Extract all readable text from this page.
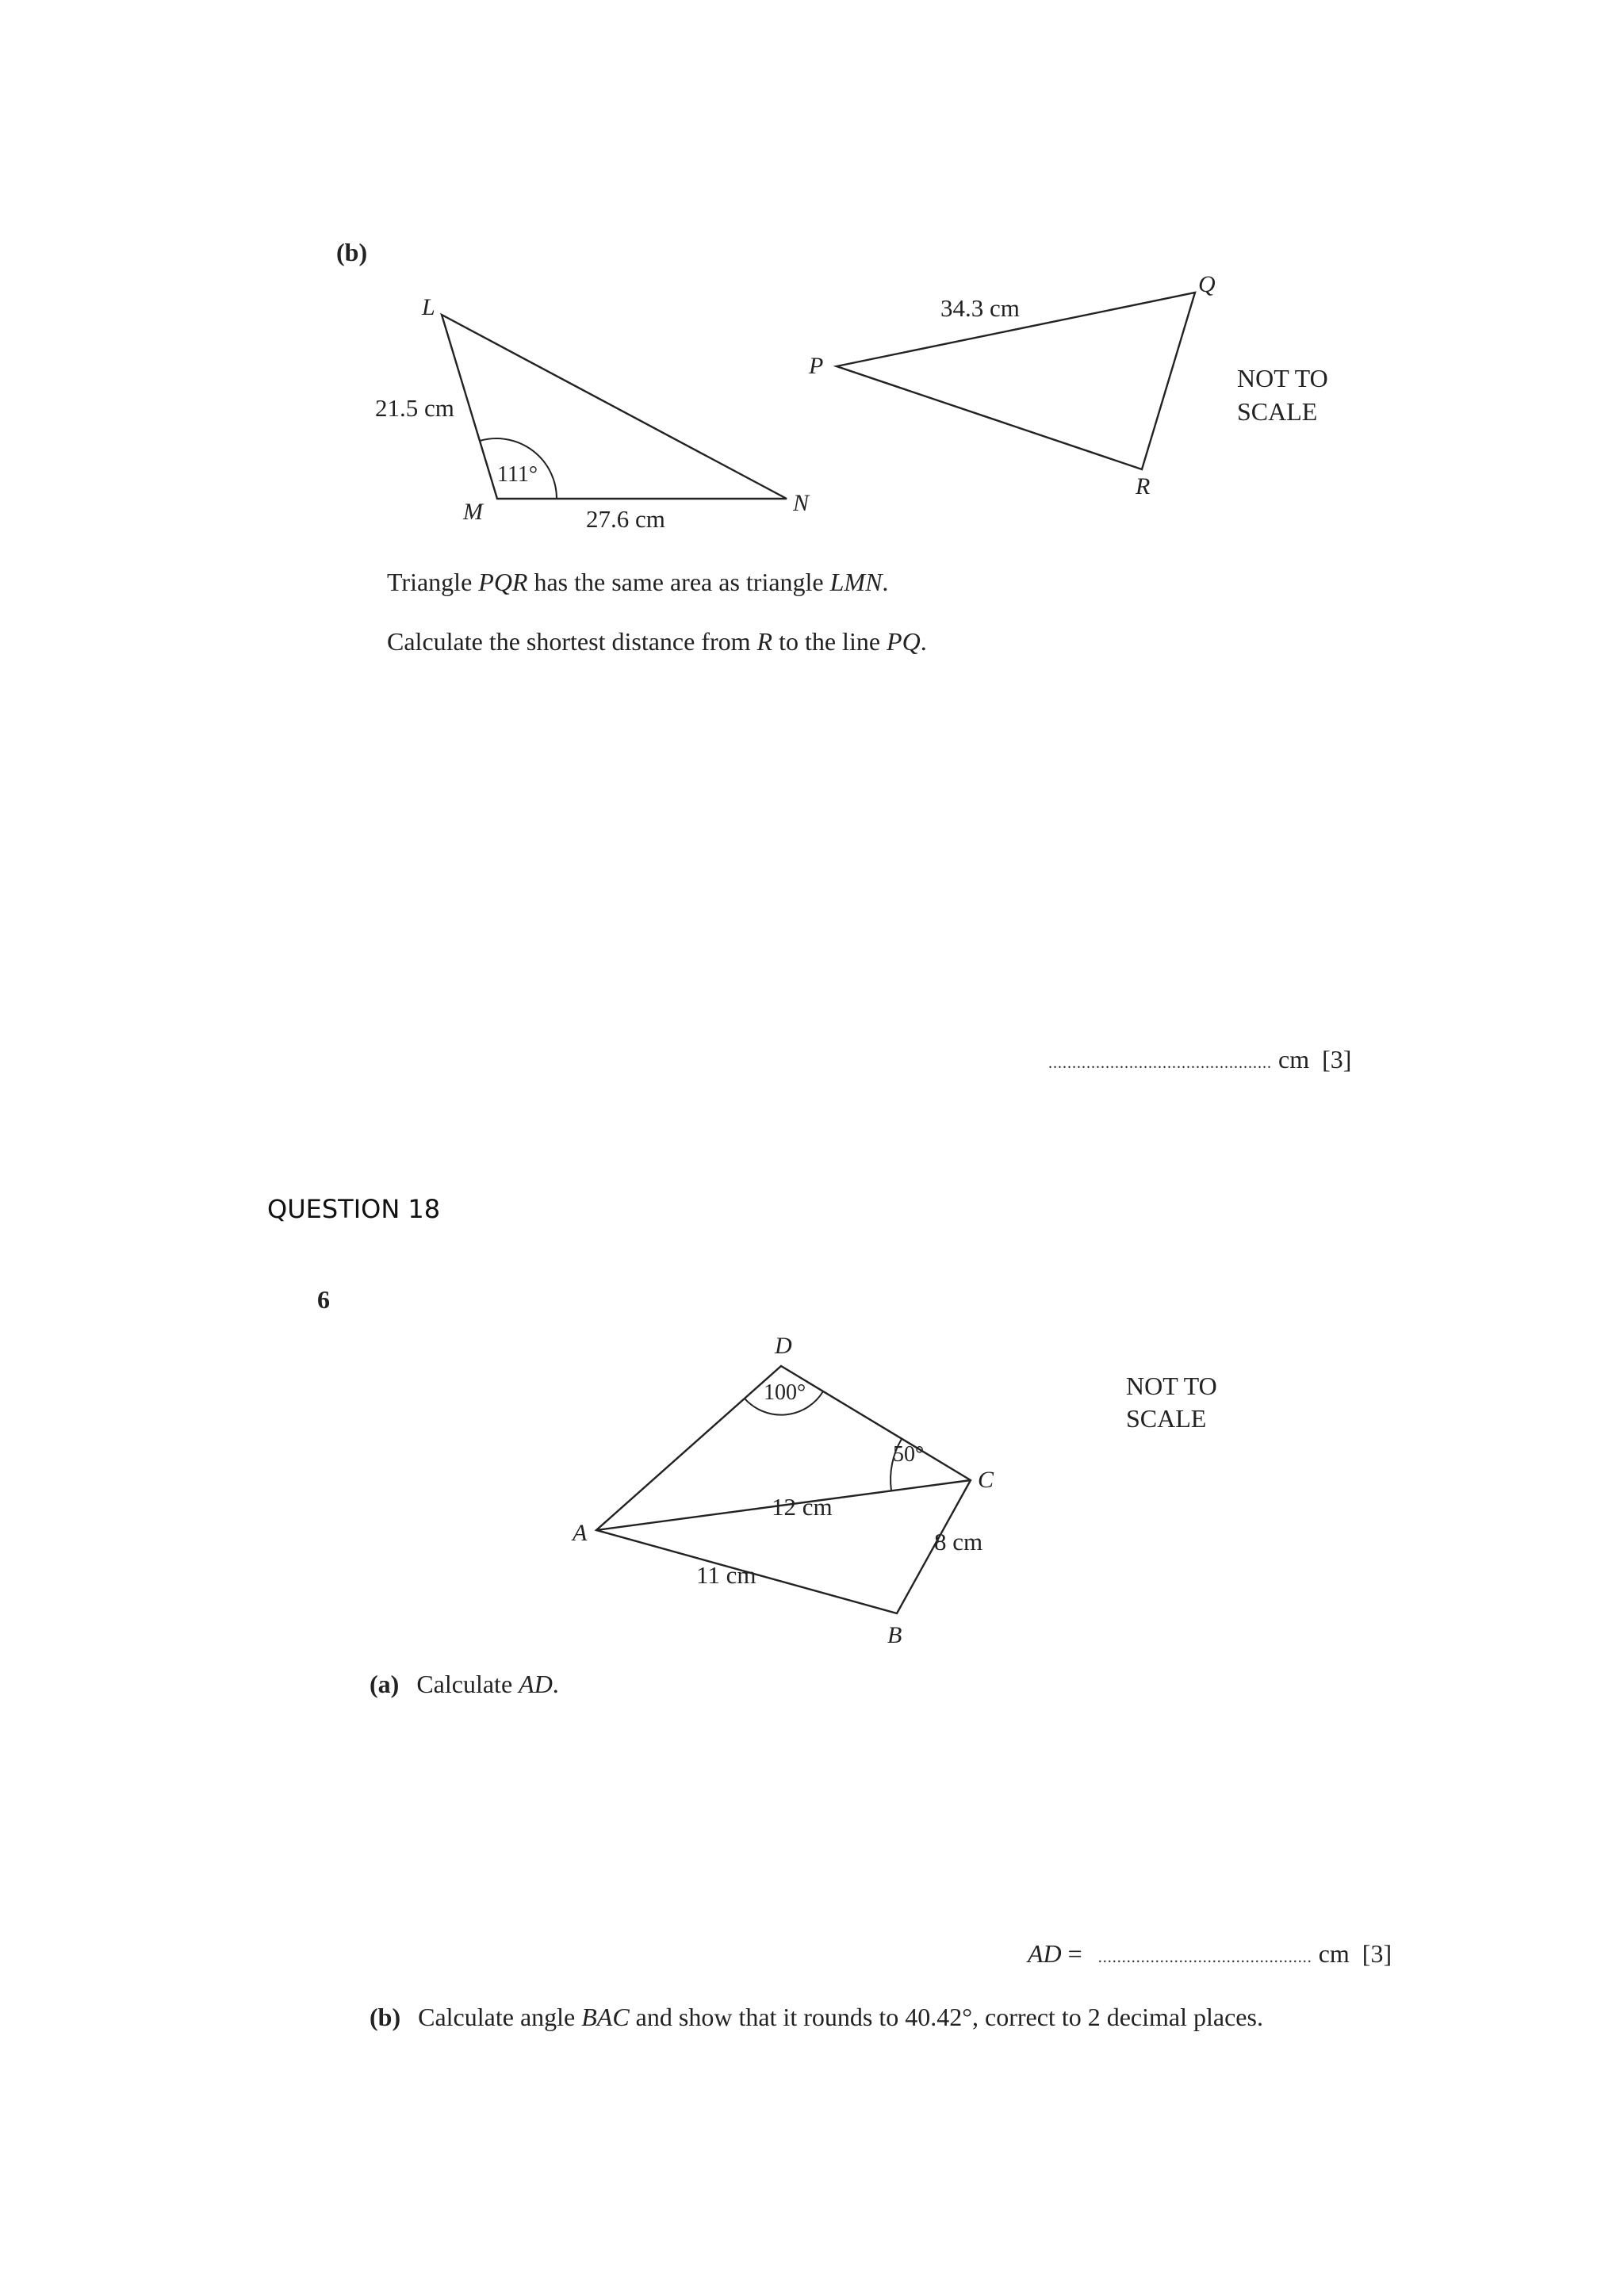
L
M	N
21.5 cm
27.6 cm
111°
P
Q
R
34.3 cm
D
C
A
B
100°
50°
12 cm
11 cm
8 cm
(b)
NOT TO
SCALE
Triangle PQR has the same area as triangle LMN.
Calculate the shortest distance from R to the line PQ.
............................................... cm [3]
QUESTION 18
6
NOT TO
SCALE
(a) Calculate AD.
AD = ............................................. cm [3]
(b) Calculate angle BAC and show that it rounds to 40.42°, correct to 2 decimal places.
